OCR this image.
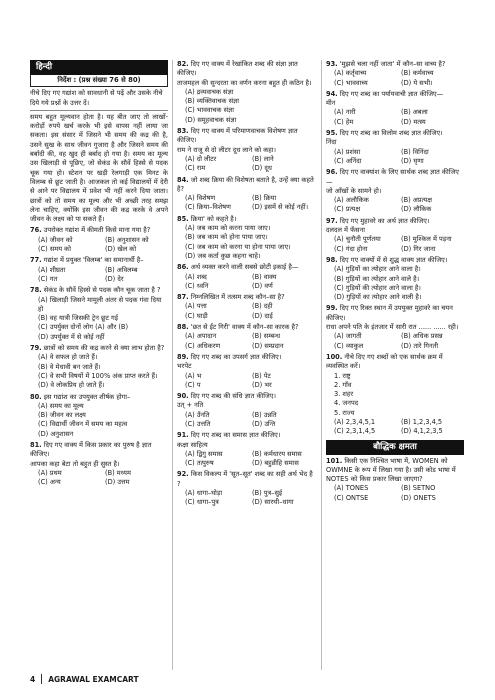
हिन्दी
निर्देश : (प्रश्न संख्या 76 से 80)
नीचे दिए गए गद्यांश को सावधानी से पढ़ें और उसके नीचे दिये गये प्रश्नों के उत्तर दें।
समय बहुत मूल्यवान होता है। यह बीत जाए तो लाखों-करोड़ों रुपये खर्च करके भी इसे वापस नहीं लाया जा सकता। इस संसार में जिसने भी समय की कद्र की है, उसने सुख के साथ जीवन गुजारा है और जिसने समय की बर्बादी की, वह खुद ही बर्बाद हो गया है। समय का मूल्य उस खिलाड़ी से पूछिए, जो सेकंड के सौवें हिस्से से पदक चूक गया हो। स्टेशन पर खड़ी रेलगाड़ी एक मिनट के विलम्ब से छूट जाती है। आजकल तो कई विद्यालयों में देरी से आने पर विद्यालय में प्रवेश भी नहीं करने दिया जाता। छात्रों को तो समय का मूल्य और भी अच्छी तरह समझ लेना चाहिए, क्योंकि इस जीवन की कद्र करके वे अपने जीवन के लक्ष्य को पा सकते हैं।
76. उपरोक्त गद्यांश में कीमती किसे माना गया है?
(A) जीवन को	(B) अनुशासन को
(C) समय को	(D) खेल को
77. गद्यांश में प्रयुक्त 'विलम्ब' का समानार्थी है–
(A) शीघ्रता	(B) अविलम्ब
(C) गत	(D) देर
78. सेकंड के सौवें हिस्से से पदक कौन चूक जाता है ?
(A) खिलाड़ी जिसने मामूली अंतर से पदक गंवा दिया हो
(B) वह यात्री जिसकी ट्रेन छूट गई
(C) उपर्युक्त दोनों लोग (A) और (B)
(D) उपर्युक्त में से कोई नहीं
79. छात्रों को समय की कद्र करने से क्या लाभ होता है?
(A) वे सफल हो जाते हैं।
(B) वे मेधावी बन जाते हैं।
(C) वे सभी विषयों में 100% अंक प्राप्त करते हैं।
(D) वे लोकप्रिय हो जाते हैं।
80. इस गद्यांश का उपयुक्त शीर्षक होगा–
(A) समय का मूल्य
(B) जीवन का लक्ष्य
(C) विद्यार्थी जीवन में समय का महत्व
(D) अनुशासन
81. दिए गए वाक्य में किस प्रकार का पुरुष है ज्ञात कीजिए।
आपका कहा बेटा तो बहुत ही सुस्त है।
(A) प्रथम	(B) मध्यम
(C) अन्य	(D) उत्तम
82. दिए गए वाक्य में रेखांकित शब्द की संज्ञा ज्ञात कीजिए।
ताजमहल की सुन्दरता का वर्णन करना बहुत ही कठिन है।
(A) द्रव्यवाचक संज्ञा
(B) व्यक्तिवाचक संज्ञा
(C) भाववाचक संज्ञा
(D) समूहवाचक संज्ञा
83. दिए गए वाक्य में परिमाणवाचक विशेषण ज्ञात कीजिए।
राम ने राजू से दो लीटर दूध लाने को कहा।
(A) दो लीटर	(B) लाने
(C) राम	(D) दूध
84. जो शब्द क्रिया की विशेषता बताते है, उन्हें क्या कहते है?
(A) विशेषण	(B) क्रिया
(C) क्रिया–विशेषण	(D) इसमें से कोई नहीं।
85. क्रिया' को कहते है।
(A) जब काम को करना पाया जाए।
(B) जब काम को होना पाया जाए।
(C) जब काम को करना या होना पाया जाए।
(D) जब कर्ता कुछ कहना चाहे।
86. अर्थ व्यक्त करने वाली सबसे छोटी इकाई है—
(A) शब्द	(B) वाक्य
(C) ध्वनि	(D) वर्ण
87. निम्नलिखित में तत्सम शब्द कौन–सा है?
(A) पत्ता	(B) दही
(C) घाड़ी	(D) दाई
88. 'छत से ईंट गिरी' वाक्य में कौन–सा कारक है?
(A) अपादान	(B) सम्बन्ध
(C) अधिकरण	(D) सम्प्रदान
89. दिए गए शब्द का उपसर्ग ज्ञात कीजिए।
भरपेट
(A) भ	(B) पेट
(C) प	(D) भर
90. दिए गए शब्द की संधि ज्ञात कीजिए।
उत् + नति
(A) उँनति	(B) उन्नति
(C) उत्तति	(D) उन्ति
91. दिए गए शब्द का समास ज्ञात कीजिए।
कक्षा साहित्य
(A) द्विगु समास	(B) कर्मधारय समास
(C) तत्पुरुष	(D) बहुव्रीहि समास
92. किस विकल्प में 'सूत–सूत' शब्द का सही अर्थ भेद है ?
(A) धागा–घोड़ा	(B) पुत्र–सुई
(C) धागा–पुत्र	(D) सारथी–धागा
93. 'मुझसे चला नहीं जाता' में कौन–सा वाच्य है?
(A) कर्तृवाच्य	(B) कर्मवाच्य
(C) भाववाच्य	(D) ये सभी।
94. दिए गए शब्द का पर्यायवाची ज्ञात कीजिए—
मीन
(A) नारी	(B) अबला
(C) हेम	(D) मत्स्य
95. दिए गए शब्द का विलोम शब्द ज्ञात कीजिए।
निंदा
(A) प्रशंसा	(B) विनिंदा
(C) अनिंदा	(D) घृणा
96. दिए गए वाक्यांश के लिए सार्थक शब्द ज्ञात कीजिए—
जो आँखों के सामने हो।
(A) अलौकिक	(B) अप्रत्यक्ष
(C) प्रत्यक्ष	(D) लौकिक
97. दिए गए मुहावरे का अर्थ ज्ञात कीजिए।
दलदल में फँसना
(A) चुनौती पूर्णतया	(B) मुश्किल में पड़ना
(C) गंदा होना	(D) गिर जाना
98. दिए गए वाक्यों में से शुद्ध वाक्य ज्ञात कीजिए।
(A) गुड़ियों का त्योहार आने वाला है।
(B) गुड़ियों का त्योहार आने वाले है।
(C) गुड़ियों की त्योहार आने वाला है।
(D) गुड़ियों का त्योहार आने वाली है।
99. दिए गए रिक्त स्थान में उपयुक्त मुहावरे का चयन कीजिए।
राधा अपने पति के इंतजार में सारी रात ...... ...... रही।
(A) जागती	(B) अधिक प्रसन्न
(C) व्याकुल	(D) तारे गिनती
100. नीचे दिए गए शब्दों को एक सार्थक क्रम में व्यवस्थित करें।
1. राष्ट्र
2. गाँव
3. शहर
4. जनपद
5. राज्य
(A) 2,3,4,5,1	(B) 1,2,3,4,5
(C) 2,3,1,4,5	(D) 4,1,2,3,5
बौद्धिक क्षमता
101. किसी एक निश्चित भाषा में, WOMEN को OWMNE के रूप में लिखा गया है। उसी कोड भाषा में NOTES को किस प्रकार लिखा जाएगा?
(A) TONES	(B) SETNO
(C) ONTSE	(D) ONETS
4 AGRAWAL EXAMCART
